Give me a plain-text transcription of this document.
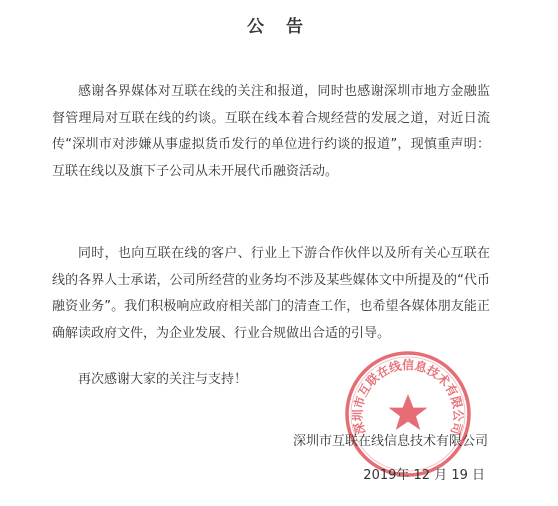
公 告

感谢各界媒体对互联在线的关注和报道，同时也感谢深圳市地方金融监督管理局对互联在线的约谈。互联在线本着合规经营的发展之道，对近日流传“深圳市对涉嫌从事虚拟货币发行的单位进行约谈的报道”，现慎重声明：互联在线以及旗下子公司从未开展代币融资活动。

同时，也向互联在线的客户、行业上下游合作伙伴以及所有关心互联在线的各界人士承诺，公司所经营的业务均不涉及某些媒体文中所提及的“代币融资业务”。我们积极响应政府相关部门的清查工作，也希望各媒体朋友能正确解读政府文件，为企业发展、行业合规做出合适的引导。

再次感谢大家的关注与支持！

深圳市互联在线信息技术有限公司
深圳市互联在线信息技术有限公司
2019年 12 月 19 日
